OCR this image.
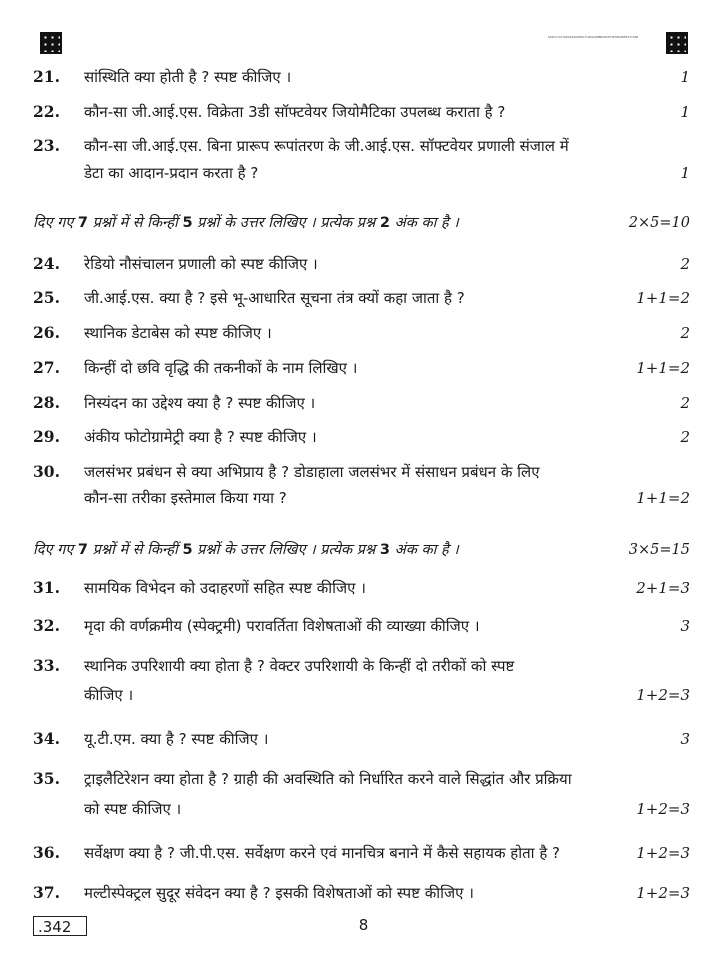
56AFA7AC7D8A63AD9D9A7C2D6A80BD9997E1E9AD2B8FA7C6D6
21.	सांस्थिति क्या होती है ? स्पष्ट कीजिए ।	1
22.	कौन-सा जी.आई.एस. विक्रेता 3डी सॉफ्टवेयर जियोमैटिका उपलब्ध कराता है ?	1
23.	कौन-सा जी.आई.एस. बिना प्रारूप रूपांतरण के जी.आई.एस. सॉफ्टवेयर प्रणाली संजाल में
डेटा का आदान-प्रदान करता है ?	1
दिए गए 7 प्रश्नों में से किन्हीं 5 प्रश्नों के उत्तर लिखिए । प्रत्येक प्रश्न 2 अंक का है ।	2×5=10
24.	रेडियो नौसंचालन प्रणाली को स्पष्ट कीजिए ।	2
25.	जी.आई.एस. क्या है ? इसे भू-आधारित सूचना तंत्र क्यों कहा जाता है ?	1+1=2
26.	स्थानिक डेटाबेस को स्पष्ट कीजिए ।	2
27.	किन्हीं दो छवि वृद्धि की तकनीकों के नाम लिखिए ।	1+1=2
28.	निस्यंदन का उद्देश्य क्या है ? स्पष्ट कीजिए ।	2
29.	अंकीय फोटोग्रामेट्री क्या है ? स्पष्ट कीजिए ।	2
30.	जलसंभर प्रबंधन से क्या अभिप्राय है ? डोडाहाला जलसंभर में संसाधन प्रबंधन के लिए
कौन-सा तरीका इस्तेमाल किया गया ?	1+1=2
दिए गए 7 प्रश्नों में से किन्हीं 5 प्रश्नों के उत्तर लिखिए । प्रत्येक प्रश्न 3 अंक का है ।	3×5=15
31.	सामयिक विभेदन को उदाहरणों सहित स्पष्ट कीजिए ।	2+1=3
32.	मृदा की वर्णक्रमीय (स्पेक्ट्रमी) परावर्तिता विशेषताओं की व्याख्या कीजिए ।	3
33.	स्थानिक उपरिशायी क्या होता है ? वेक्टर उपरिशायी के किन्हीं दो तरीकों को स्पष्ट
कीजिए ।	1+2=3
34.	यू.टी.एम. क्या है ? स्पष्ट कीजिए ।	3
35.	ट्राइलैटिरेशन क्या होता है ? ग्राही की अवस्थिति को निर्धारित करने वाले सिद्धांत और प्रक्रिया
को स्पष्ट कीजिए ।	1+2=3
36.	सर्वेक्षण क्या है ? जी.पी.एस. सर्वेक्षण करने एवं मानचित्र बनाने में कैसे सहायक होता है ?	1+2=3
37.	मल्टीस्पेक्ट्रल सुदूर संवेदन क्या है ? इसकी विशेषताओं को स्पष्ट कीजिए ।	1+2=3
.342	8
